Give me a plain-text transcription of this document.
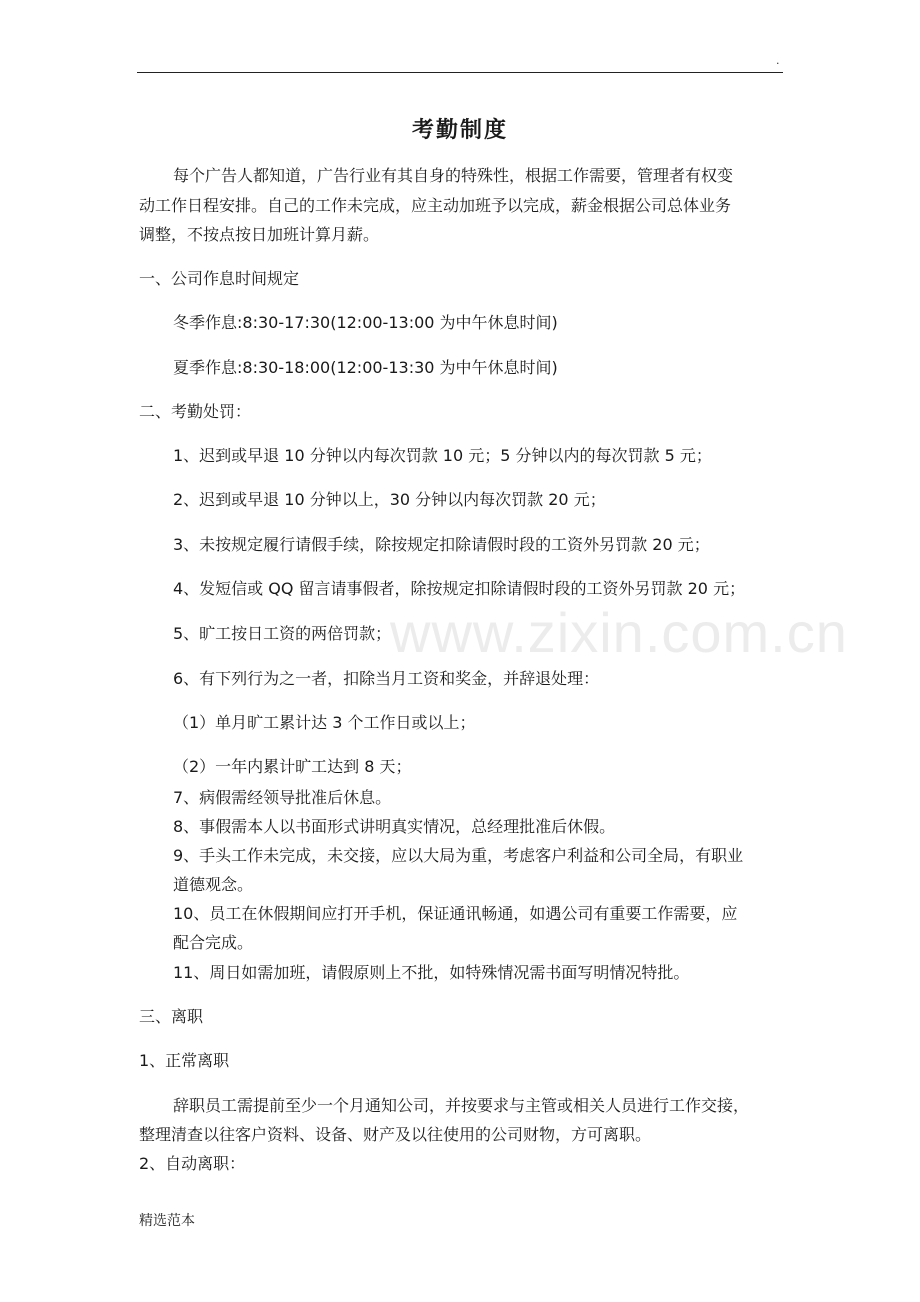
.
www.zixin.com.cn
考勤制度
每个广告人都知道，广告行业有其自身的特殊性，根据工作需要，管理者有权变
动工作日程安排。自己的工作未完成，应主动加班予以完成，薪金根据公司总体业务
调整，不按点按日加班计算月薪。
一、公司作息时间规定
冬季作息:8:30-17:30(12:00-13:00 为中午休息时间)
夏季作息:8:30-18:00(12:00-13:30 为中午休息时间)
二、考勤处罚：
1、迟到或早退 10 分钟以内每次罚款 10 元；5 分钟以内的每次罚款 5 元；
2、迟到或早退 10 分钟以上，30 分钟以内每次罚款 20 元；
3、未按规定履行请假手续，除按规定扣除请假时段的工资外另罚款 20 元；
4、发短信或 QQ 留言请事假者，除按规定扣除请假时段的工资外另罚款 20 元；
5、旷工按日工资的两倍罚款；
6、有下列行为之一者，扣除当月工资和奖金，并辞退处理：
（1）单月旷工累计达 3 个工作日或以上；
（2）一年内累计旷工达到 8 天；
7、病假需经领导批准后休息。
8、事假需本人以书面形式讲明真实情况，总经理批准后休假。
9、手头工作未完成，未交接，应以大局为重，考虑客户利益和公司全局，有职业
道德观念。
10、员工在休假期间应打开手机，保证通讯畅通，如遇公司有重要工作需要，应
配合完成。
11、周日如需加班，请假原则上不批，如特殊情况需书面写明情况特批。
三、离职
1、正常离职
辞职员工需提前至少一个月通知公司，并按要求与主管或相关人员进行工作交接，
整理清查以往客户资料、设备、财产及以往使用的公司财物，方可离职。
2、自动离职：
精选范本
